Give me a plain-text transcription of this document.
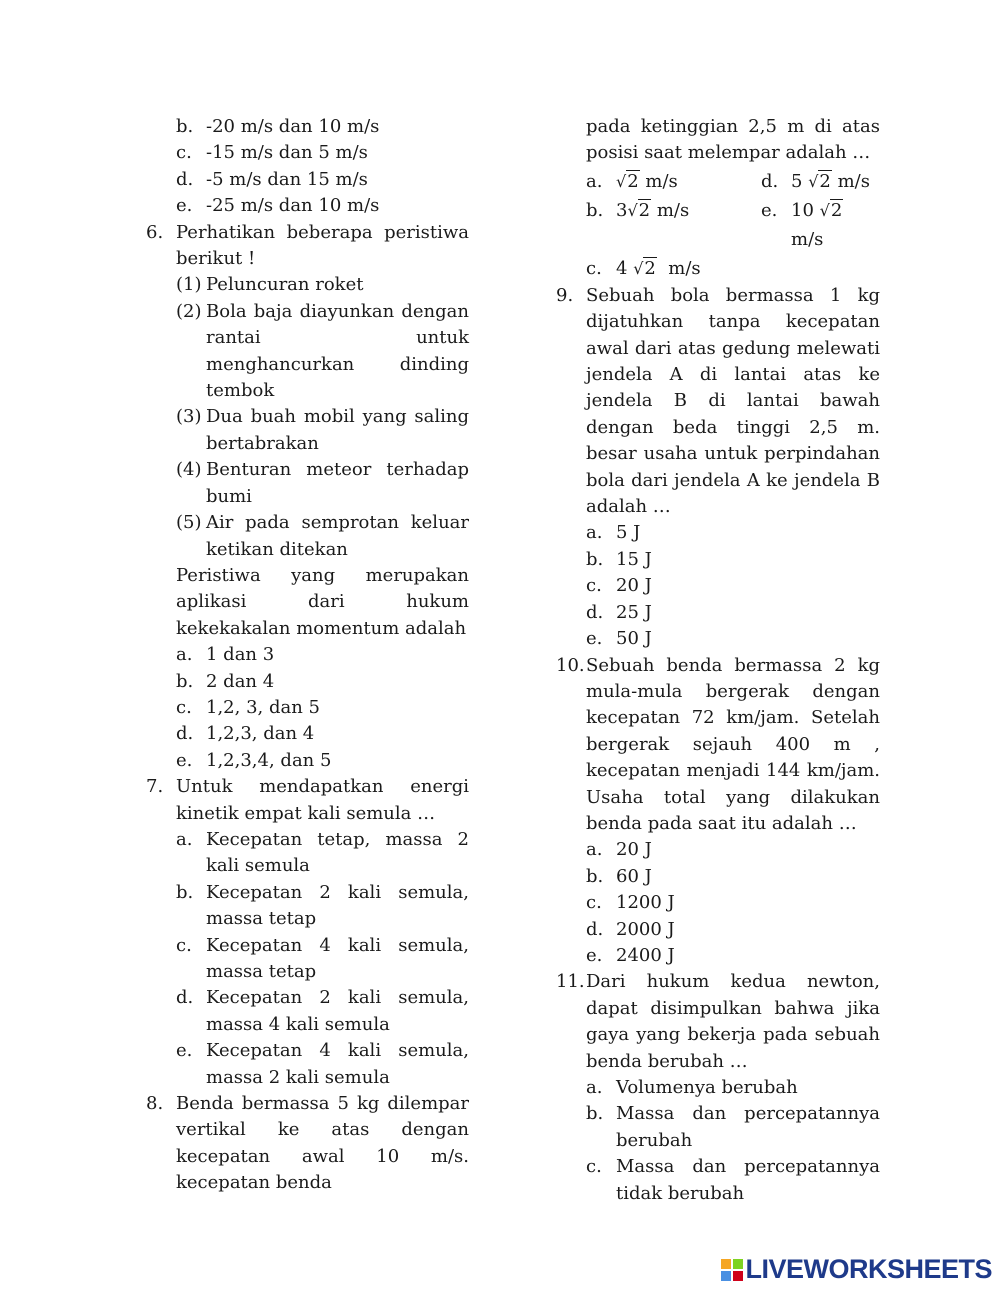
b. -20 m/s dan 10 m/s
c. -15 m/s dan 5 m/s
d. -5 m/s dan 15 m/s
e. -25 m/s dan 10 m/s
6. Perhatikan beberapa peristiwa berikut !
(1) Peluncuran roket
(2) Bola baja diayunkan dengan rantai untuk menghancurkan dinding tembok
(3) Dua buah mobil yang saling bertabrakan
(4) Benturan meteor terhadap bumi
(5) Air pada semprotan keluar ketikan ditekan
Peristiwa yang merupakan aplikasi dari hukum kekekakalan momentum adalah
a. 1 dan 3
b. 2 dan 4
c. 1,2, 3, dan 5
d. 1,2,3, dan 4
e. 1,2,3,4, dan 5
7. Untuk mendapatkan energi kinetik empat kali semula …
a. Kecepatan tetap, massa 2 kali semula
b. Kecepatan 2 kali semula, massa tetap
c. Kecepatan 4 kali semula, massa tetap
d. Kecepatan 2 kali semula, massa 4 kali semula
e. Kecepatan 4 kali semula, massa 2 kali semula
8. Benda bermassa 5 kg dilempar vertikal ke atas dengan kecepatan awal 10 m/s. kecepatan benda
pada ketinggian 2,5 m di atas posisi saat melempar adalah …
a. √2 m/s	d. 5 √2 m/s
b. 3√2 m/s	e. 10 √2 m/s
c. 4 √2 m/s
9. Sebuah bola bermassa 1 kg dijatuhkan tanpa kecepatan awal dari atas gedung melewati jendela A di lantai atas ke jendela B di lantai bawah dengan beda tinggi 2,5 m. besar usaha untuk perpindahan bola dari jendela A ke jendela B adalah …
a. 5 J
b. 15 J
c. 20 J
d. 25 J
e. 50 J
10. Sebuah benda bermassa 2 kg mula-mula bergerak dengan kecepatan 72 km/jam. Setelah bergerak sejauh 400 m , kecepatan menjadi 144 km/jam. Usaha total yang dilakukan benda pada saat itu adalah …
a. 20 J
b. 60 J
c. 1200 J
d. 2000 J
e. 2400 J
11. Dari hukum kedua newton, dapat disimpulkan bahwa jika gaya yang bekerja pada sebuah benda berubah …
a. Volumenya berubah
b. Massa dan percepatannya berubah
c. Massa dan percepatannya tidak berubah
LIVEWORKSHEETS
